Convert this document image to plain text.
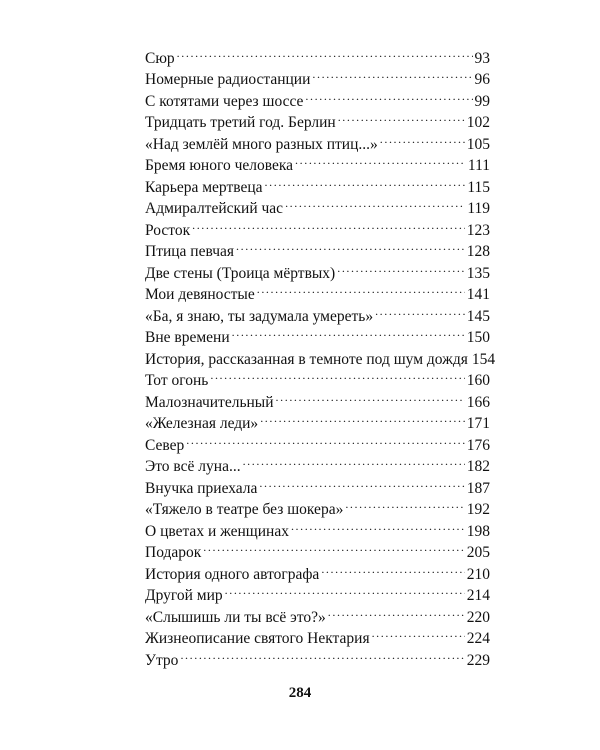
Сюр .....	93
Номерные радиостанции .....	96
С котятами через шоссе .....	99
Тридцать третий год. Берлин .....	102
«Над землёй много разных птиц...» .....	105
Бремя юного человека .....	111
Карьера мертвеца .....	115
Адмиралтейский час .....	119
Росток .....	123
Птица певчая .....	128
Две стены (Троица мёртвых) .....	135
Мои девяностые .....	141
«Ба, я знаю, ты задумала умереть» .....	145
Вне времени .....	150
История, рассказанная в темноте под шум дождя 154
Тот огонь .....	160
Малозначительный .....	166
«Железная леди» .....	171
Север .....	176
Это всё луна... .....	182
Внучка приехала .....	187
«Тяжело в театре без шокера» .....	192
О цветах и женщинах .....	198
Подарок .....	205
История одного автографа .....	210
Другой мир .....	214
«Слышишь ли ты всё это?» .....	220
Жизнеописание святого Нектария .....	224
Утро .....	229
284
